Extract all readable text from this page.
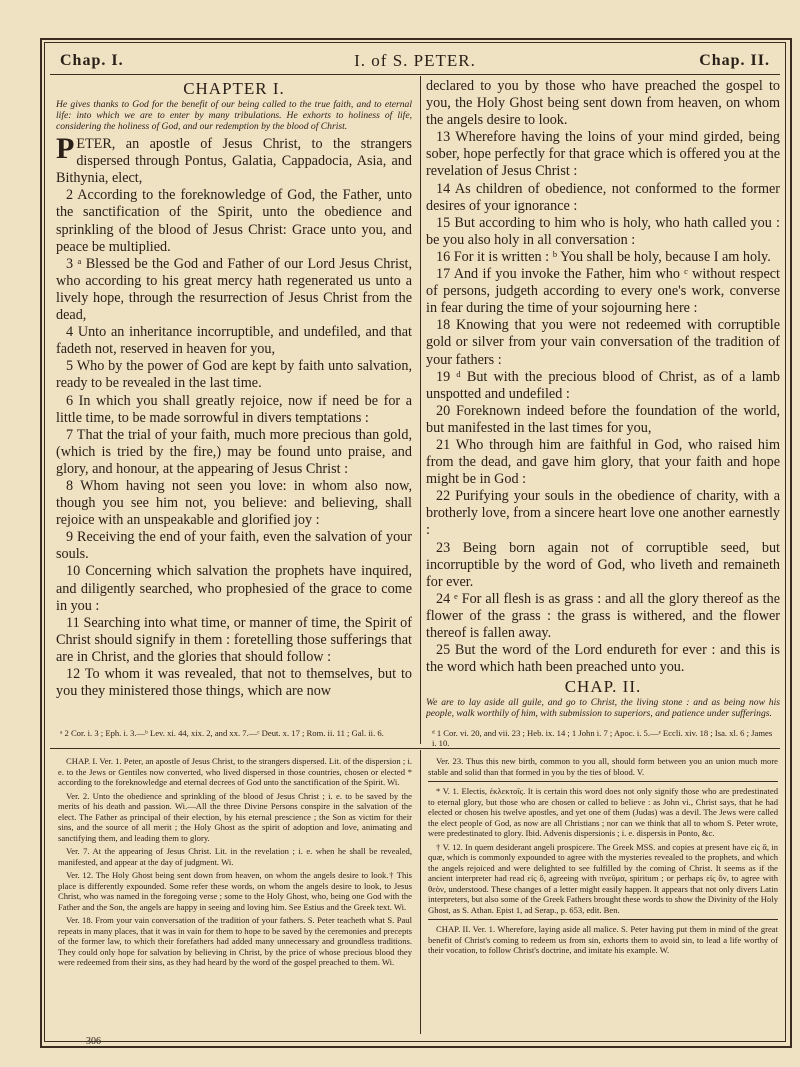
Chap. I.	I. of S. PETER.	Chap. II.
CHAPTER I.

He gives thanks to God for the benefit of our being called to the true faith, and to eternal life: into which we are to enter by many tribulations. He exhorts to holiness of life, considering the holiness of God, and our redemption by the blood of Christ.

PETER, an apostle of Jesus Christ, to the strangers dispersed through Pontus, Galatia, Cappadocia, Asia, and Bithynia, elect,

2 According to the foreknowledge of God, the Father, unto the sanctification of the Spirit, unto the obedience and sprinkling of the blood of Jesus Christ: Grace unto you, and peace be multiplied.

3 ᵃ Blessed be the God and Father of our Lord Jesus Christ, who according to his great mercy hath regenerated us unto a lively hope, through the resurrection of Jesus Christ from the dead,

4 Unto an inheritance incorruptible, and undefiled, and that fadeth not, reserved in heaven for you,

5 Who by the power of God are kept by faith unto salvation, ready to be revealed in the last time.

6 In which you shall greatly rejoice, now if need be for a little time, to be made sorrowful in divers temptations :

7 That the trial of your faith, much more precious than gold, (which is tried by the fire,) may be found unto praise, and glory, and honour, at the appearing of Jesus Christ :

8 Whom having not seen you love: in whom also now, though you see him not, you believe: and believing, shall rejoice with an unspeakable and glorified joy :

9 Receiving the end of your faith, even the salvation of your souls.

10 Concerning which salvation the prophets have inquired, and diligently searched, who prophesied of the grace to come in you :

11 Searching into what time, or manner of time, the Spirit of Christ should signify in them : foretelling those sufferings that are in Christ, and the glories that should follow :

12 To whom it was revealed, that not to themselves, but to you they ministered those things, which are now

declared to you by those who have preached the gospel to you, the Holy Ghost being sent down from heaven, on whom the angels desire to look.

13 Wherefore having the loins of your mind girded, being sober, hope perfectly for that grace which is offered you at the revelation of Jesus Christ :

14 As children of obedience, not conformed to the former desires of your ignorance :

15 But according to him who is holy, who hath called you : be you also holy in all conversation :

16 For it is written : ᵇ You shall be holy, because I am holy.

17 And if you invoke the Father, him who ᶜ without respect of persons, judgeth according to every one's work, converse in fear during the time of your sojourning here :

18 Knowing that you were not redeemed with corruptible gold or silver from your vain conversation of the tradition of your fathers :

19 ᵈ But with the precious blood of Christ, as of a lamb unspotted and undefiled :

20 Foreknown indeed before the foundation of the world, but manifested in the last times for you,

21 Who through him are faithful in God, who raised him from the dead, and gave him glory, that your faith and hope might be in God :

22 Purifying your souls in the obedience of charity, with a brotherly love, from a sincere heart love one another earnestly :

23 Being born again not of corruptible seed, but incorruptible by the word of God, who liveth and remaineth for ever.

24 ᵉ For all flesh is as grass : and all the glory thereof as the flower of the grass : the grass is withered, and the flower thereof is fallen away.

25 But the word of the Lord endureth for ever : and this is the word which hath been preached unto you.

CHAP. II.

We are to lay aside all guile, and go to Christ, the living stone : and as being now his people, walk worthily of him, with submission to superiors, and patience under sufferings.

ᵃ 2 Cor. i. 3 ; Eph. i. 3.—ᵇ Lev. xi. 44, xix. 2, and xx. 7.—ᶜ Deut. x. 17 ; Rom. ii. 11 ; Gal. ii. 6.	ᵈ 1 Cor. vi. 20, and vii. 23 ; Heb. ix. 14 ; 1 John i. 7 ; Apoc. i. 5.—ᵉ Eccli. xiv. 18 ; Isa. xl. 6 ; James i. 10.

CHAP. I. Ver. 1. Peter, an apostle of Jesus Christ, to the strangers dispersed. Lit. of the dispersion ; i. e. to the Jews or Gentiles now converted, who lived dispersed in those countries, chosen or elected * according to the foreknowledge and eternal decrees of God unto the sanctification of the Spirit. Wi.

Ver. 2. Unto the obedience and sprinkling of the blood of Jesus Christ ; i. e. to be saved by the merits of his death and passion. Wi.—All the three Divine Persons conspire in the salvation of the elect. The Father as principal of their election, by his eternal prescience ; the Son as victim for their sins, and the source of all merit ; the Holy Ghost as the spirit of adoption and love, animating and sanctifying them, and leading them to glory.

Ver. 7. At the appearing of Jesus Christ. Lit. in the revelation ; i. e. when he shall be revealed, manifested, and appear at the day of judgment. Wi.

Ver. 12. The Holy Ghost being sent down from heaven, on whom the angels desire to look.† This place is differently expounded. Some refer these words, on whom the angels desire to look, to Jesus Christ, who was named in the foregoing verse ; some to the Holy Ghost, who, being one God with the Father and the Son, the angels are happy in seeing and loving him. See Estius and the Greek text. Wi.

Ver. 18. From your vain conversation of the tradition of your fathers. S. Peter teacheth what S. Paul repeats in many places, that it was in vain for them to hope to be saved by the ceremonies and precepts of the former law, to which their forefathers had added many unnecessary and groundless traditions. They could only hope for salvation by believing in Christ, by the price of whose precious blood they were redeemed from their sins, as they had heard by the word of the gospel preached to them. Wi.

Ver. 23. Thus this new birth, common to you all, should form between you an union much more stable and solid than that formed in you by the ties of blood. V.

* V. 1. Electis, ἐκλεκτοῖς. It is certain this word does not only signify those who are predestinated to eternal glory, but those who are chosen or called to believe : as John vi., Christ says, that he had elected or chosen his twelve apostles, and yet one of them (Judas) was a devil. The Jews were called the elect people of God, as now are all Christians ; nor can we think that all to whom S. Peter wrote, were predestinated to glory. Ibid. Advenis dispersionis ; i. e. dispersis in Ponto, &c.

† V. 12. In quem desiderant angeli prospicere. The Greek MSS. and copies at present have εἰς ἅ, in quæ, which is commonly expounded to agree with the mysteries revealed to the prophets, and which the angels rejoiced and were delighted to see fulfilled by the coming of Christ. It seems as if the ancient interpreter had read εἰς ὅ, agreeing with πνεῦμα, spiritum ; or perhaps εἰς ὅν, to agree with θεὸν, understood. These changes of a letter might easily happen. It appears that not only divers Latin interpreters, but also some of the Greek Fathers brought these words to show the Divinity of the Holy Ghost, as S. Athan. Epist 1, ad Serap., p. 653, edit. Ben.

CHAP. II. Ver. 1. Wherefore, laying aside all malice. S. Peter having put them in mind of the great benefit of Christ's coming to redeem us from sin, exhorts them to avoid sin, to lead a life worthy of their vocation, to follow Christ's doctrine, and imitate his example. W.

306
